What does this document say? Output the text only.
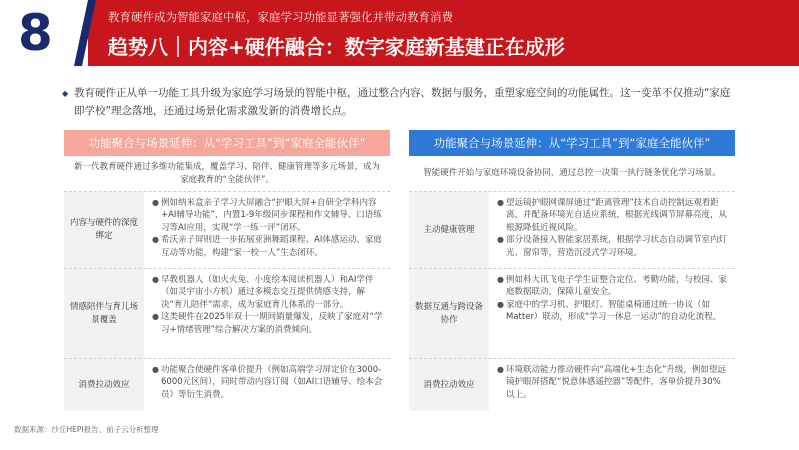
8	教育硬件成为智能家庭中枢，家庭学习功能显著强化并带动教育消费
趋势八｜内容+硬件融合：数字家庭新基建正在成形
◆ 教育硬件正从单一功能工具升级为家庭学习场景的智能中枢，通过整合内容、数据与服务，重塑家庭空间的功能属性。这一变革不仅推动“家庭即学校”理念落地，还通过场景化需求激发新的消费增长点。
功能聚合与场景延伸：从“学习工具”到“家庭全能伙伴”
新一代教育硬件通过多维功能集成，覆盖学习、陪伴、健康管理等多元场景，成为家庭教育的“全能伙伴”。
内容与硬件的深度绑定
● 例如纳米盒亲子学习大屏融合“护眼大屏+自研全学科内容+AI辅导功能”，内置1-9年级同步课程和作文辅导、口语练习等AI应用，实现“学一练一评”闭环。
● 希沃亲子屏则进一步拓展亚洲舞蹈课程、AI体感运动、家庭互动等功能，构建“家一校一人”生态闭环。
情感陪伴与育儿场景覆盖
● 早教机器人（如火火兔、小度绘本阅读机器人）和AI学伴（如灵宇宙小方机）通过多模态交互提供情感支持，解决“育儿陪伴”需求，成为家庭育儿体系的一部分。
● 这类硬件在2025年双十一期间销量爆发，反映了家庭对“学习+情绪管理”综合解决方案的消费倾向。
消费拉动效应
● 功能聚合使硬件客单价提升（例如高端学习屏定价在3000-6000元区间），同时带动内容订阅（如AI口语辅导、绘本会员）等衍生消费。
功能聚合与场景延伸：从“学习工具”到“家庭全能伙伴”
智能硬件开始与家庭环境设备协同，通过总控一决策一执行链条优化学习场景。
主动健康管理
● 望远镜护眼网课屏通过“距离管理”技术自动控制远观看距离，并配备环境光自适应系统，根据光线调节屏幕亮度，从根源降低近视风险。
● 部分设备接入智能家居系统，根据学习状态自动调节室内灯光、窗帘等，营造沉浸式学习环境。
数据互通与跨设备协作
● 例如科大讯飞电子学生证整合定位、考勤功能，与校园、家庭数据联动，保障儿童安全。
● 家庭中的学习机、护眼灯、智能桌椅通过统一协议（如Matter）联动，形成“学习一休息一运动”的自动化流程。
消费拉动效应
● 环境联动能力推动硬件向“高端化+生态化”升级，例如望远镜护眼屏搭配“悦意体感遥控器”等配件，客单价提升30%以上。
数据来源：沙丘HEPI报告、前子云分析整理
